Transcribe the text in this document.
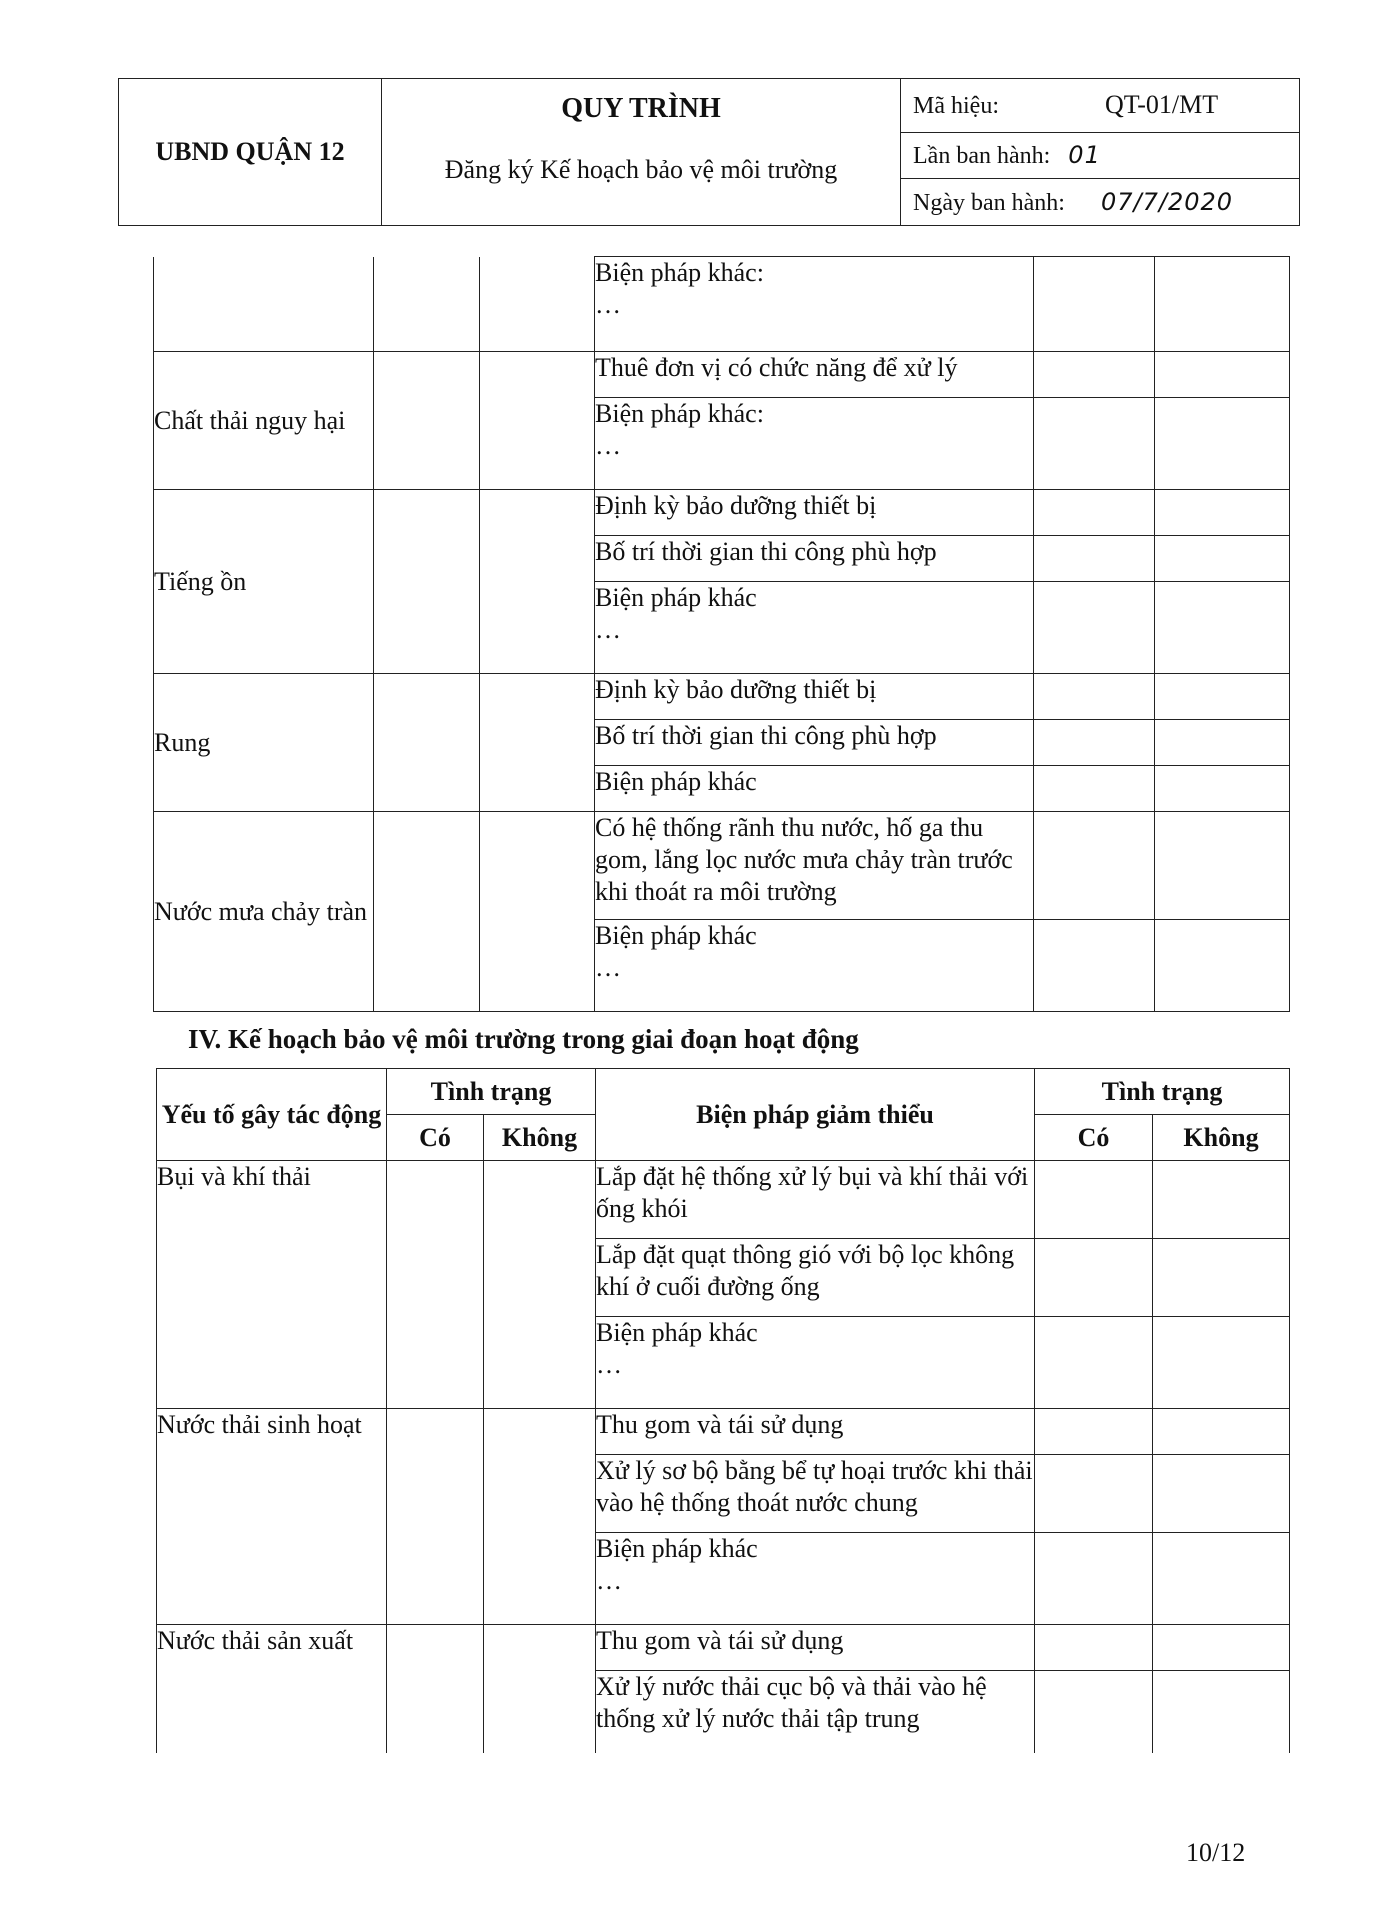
UBND QUẬN 12	
QUY TRÌNH
Đăng ký Kế hoạch bảo vệ môi trường
	Mã hiệu:	QT-01/MT
Lần ban hành: 01
Ngày ban hành: 07/7/2020
			Biện pháp khác:
…		

Chất thải nguy hại			Thuê đơn vị có chức năng để xử lý		
			Biện pháp khác:
…		

Tiếng ồn			Định kỳ bảo dưỡng thiết bị		
			Bố trí thời gian thi công phù hợp		
			Biện pháp khác
…		

Rung			Định kỳ bảo dưỡng thiết bị		
			Bố trí thời gian thi công phù hợp		
			Biện pháp khác		
Nước mưa chảy tràn			Có hệ thống rãnh thu nước, hố ga thu gom, lắng lọc nước mưa chảy tràn trước khi thoát ra môi trường		
			Biện pháp khác
…		

IV. Kế hoạch bảo vệ môi trường trong giai đoạn hoạt động
Yếu tố gây tác động	Tình trạng		Biện pháp giảm thiểu	Tình trạng	
	Có	Không		Có	Không
Bụi và khí thải			Lắp đặt hệ thống xử lý bụi và khí thải với ống khói		
			Lắp đặt quạt thông gió với bộ lọc không khí ở cuối đường ống		
			Biện pháp khác
…		

Nước thải sinh hoạt			Thu gom và tái sử dụng		
			Xử lý sơ bộ bằng bể tự hoại trước khi thải vào hệ thống thoát nước chung		
			Biện pháp khác
…		

Nước thải sản xuất			Thu gom và tái sử dụng		
			Xử lý nước thải cục bộ và thải vào hệ thống xử lý nước thải tập trung		
10/12
